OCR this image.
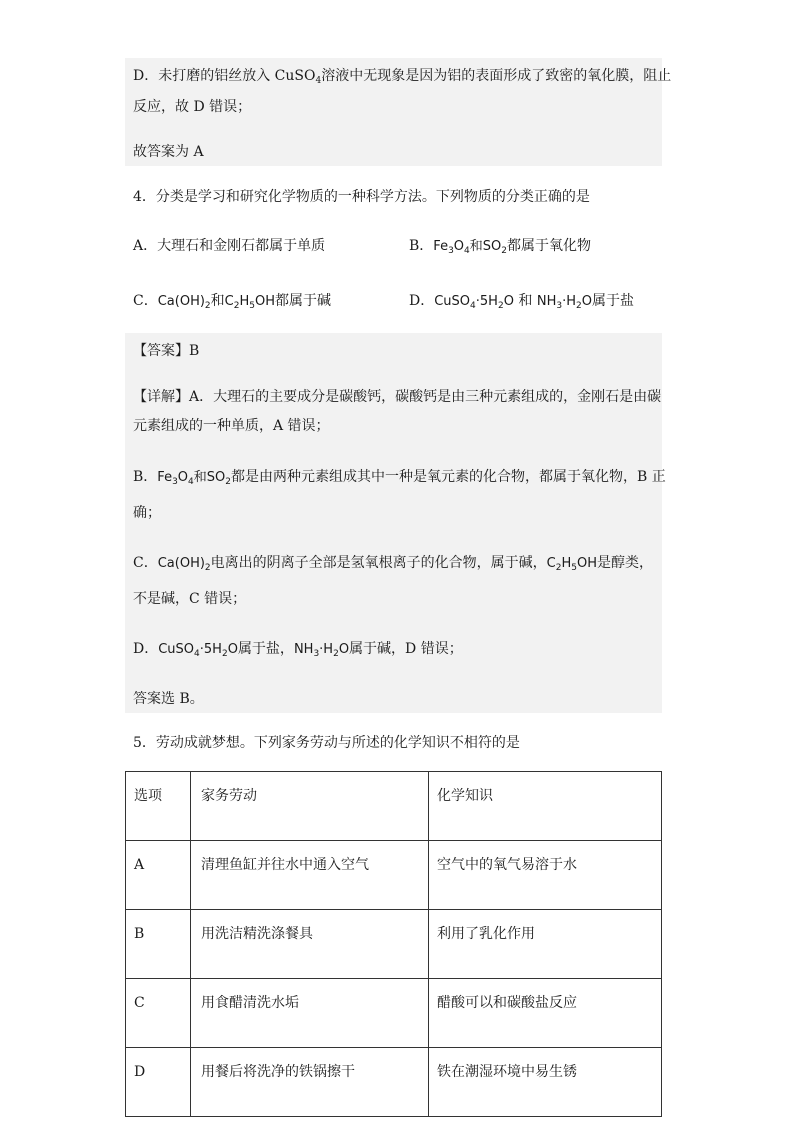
D．未打磨的铝丝放入 CuSO$_4$溶液中无现象是因为铝的表面形成了致密的氧化膜，阻止
反应，故 D 错误；
故答案为 A
4．分类是学习和研究化学物质的一种科学方法。下列物质的分类正确的是
A．大理石和金刚石都属于单质	B．$Fe_3O_4$和$SO_2$都属于氧化物
C．$Ca(OH)_2$和$C_2H_5OH$都属于碱	D．$CuSO_4\cdot 5H_2O$ 和 $NH_3\cdot H_2O$属于盐
【答案】B
【详解】A．大理石的主要成分是碳酸钙，碳酸钙是由三种元素组成的，金刚石是由碳
元素组成的一种单质，A 错误；
B．$Fe_3O_4$和$SO_2$都是由两种元素组成其中一种是氧元素的化合物，都属于氧化物，B 正
确；
C．$Ca(OH)_2$电离出的阴离子全部是氢氧根离子的化合物，属于碱，$C_2H_5OH$是醇类，
不是碱，C 错误；
D．$CuSO_4\cdot 5H_2O$属于盐，$NH_3\cdot H_2O$属于碱，D 错误；
答案选 B。
5．劳动成就梦想。下列家务劳动与所述的化学知识不相符的是
选项	家务劳动	化学知识
A	清理鱼缸并往水中通入空气	空气中的氧气易溶于水
B	用洗洁精洗涤餐具	利用了乳化作用
C	用食醋清洗水垢	醋酸可以和碳酸盐反应
D	用餐后将洗净的铁锅擦干	铁在潮湿环境中易生锈
